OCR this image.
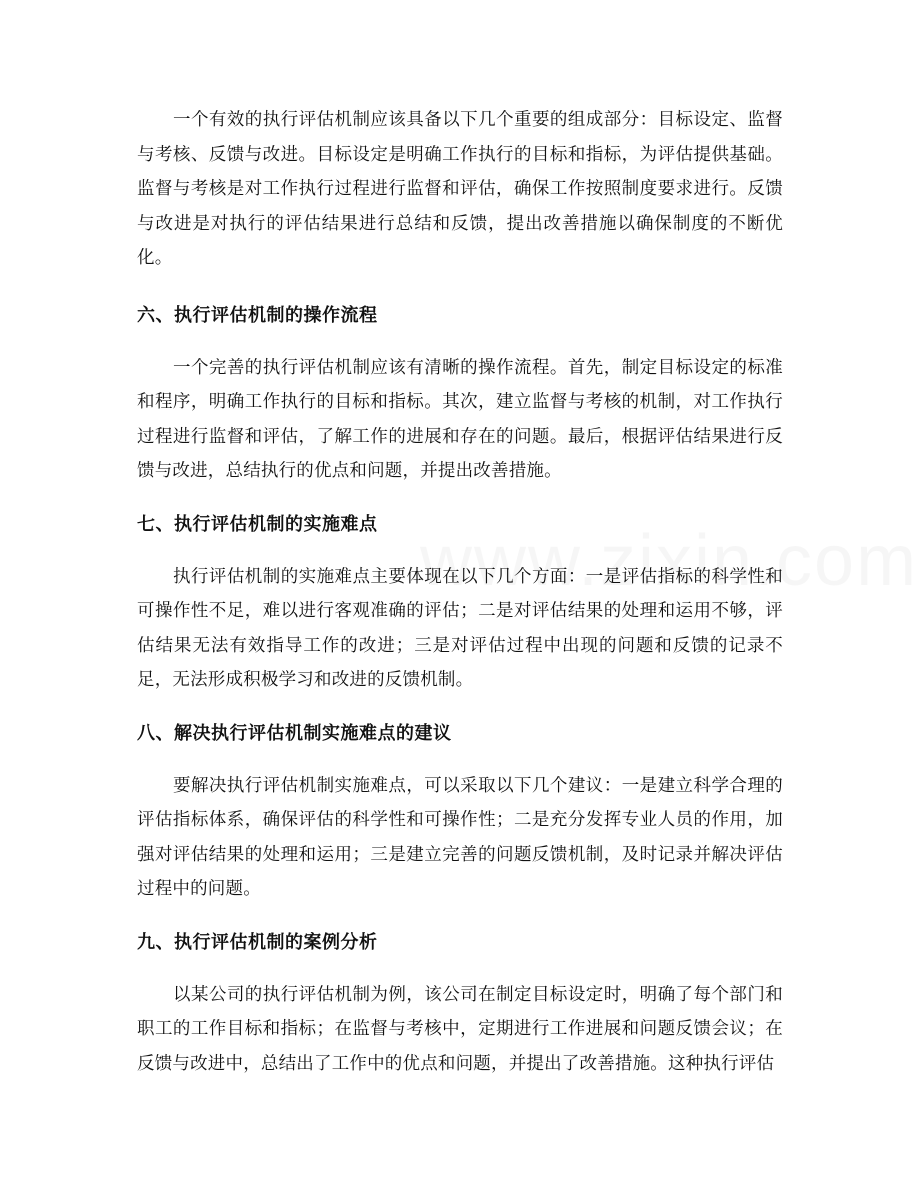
一个有效的执行评估机制应该具备以下几个重要的组成部分：目标设定、监督与考核、反馈与改进。目标设定是明确工作执行的目标和指标，为评估提供基础。监督与考核是对工作执行过程进行监督和评估，确保工作按照制度要求进行。反馈与改进是对执行的评估结果进行总结和反馈，提出改善措施以确保制度的不断优化。

六、执行评估机制的操作流程

一个完善的执行评估机制应该有清晰的操作流程。首先，制定目标设定的标准和程序，明确工作执行的目标和指标。其次，建立监督与考核的机制，对工作执行过程进行监督和评估，了解工作的进展和存在的问题。最后，根据评估结果进行反馈与改进，总结执行的优点和问题，并提出改善措施。

七、执行评估机制的实施难点

执行评估机制的实施难点主要体现在以下几个方面：一是评估指标的科学性和可操作性不足，难以进行客观准确的评估；二是对评估结果的处理和运用不够，评估结果无法有效指导工作的改进；三是对评估过程中出现的问题和反馈的记录不足，无法形成积极学习和改进的反馈机制。

八、解决执行评估机制实施难点的建议

要解决执行评估机制实施难点，可以采取以下几个建议：一是建立科学合理的评估指标体系，确保评估的科学性和可操作性；二是充分发挥专业人员的作用，加强对评估结果的处理和运用；三是建立完善的问题反馈机制，及时记录并解决评估过程中的问题。

九、执行评估机制的案例分析

以某公司的执行评估机制为例，该公司在制定目标设定时，明确了每个部门和职工的工作目标和指标；在监督与考核中，定期进行工作进展和问题反馈会议；在反馈与改进中，总结出了工作中的优点和问题，并提出了改善措施。这种执行评估
